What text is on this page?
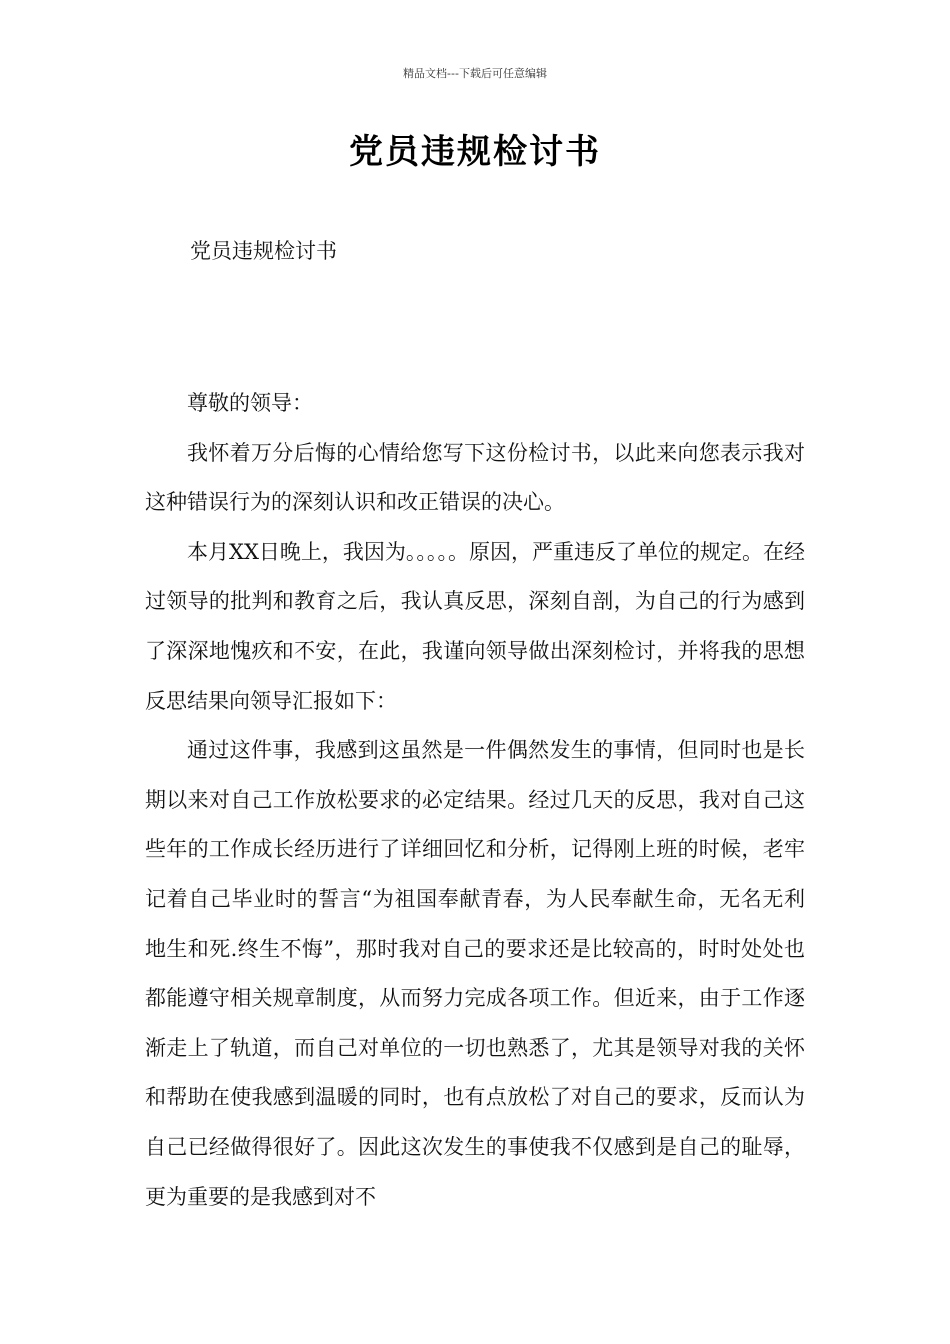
精品文档---下载后可任意编辑
党员违规检讨书
党员违规检讨书

尊敬的领导：

我怀着万分后悔的心情给您写下这份检讨书，以此来向您表示我对这种错误行为的深刻认识和改正错误的决心。

本月XX日晚上，我因为。。。。。原因，严重违反了单位的规定。在经过领导的批判和教育之后，我认真反思，深刻自剖，为自己的行为感到了深深地愧疚和不安，在此，我谨向领导做出深刻检讨，并将我的思想反思结果向领导汇报如下：

通过这件事，我感到这虽然是一件偶然发生的事情，但同时也是长期以来对自己工作放松要求的必定结果。经过几天的反思，我对自己这些年的工作成长经历进行了详细回忆和分析，记得刚上班的时候，老牢记着自己毕业时的誓言“为祖国奉献青春，为人民奉献生命，无名无利地生和死.终生不悔”，那时我对自己的要求还是比较高的，时时处处也都能遵守相关规章制度，从而努力完成各项工作。但近来，由于工作逐渐走上了轨道，而自己对单位的一切也熟悉了，尤其是领导对我的关怀和帮助在使我感到温暖的同时，也有点放松了对自己的要求，反而认为自己已经做得很好了。因此这次发生的事使我不仅感到是自己的耻辱，更为重要的是我感到对不
